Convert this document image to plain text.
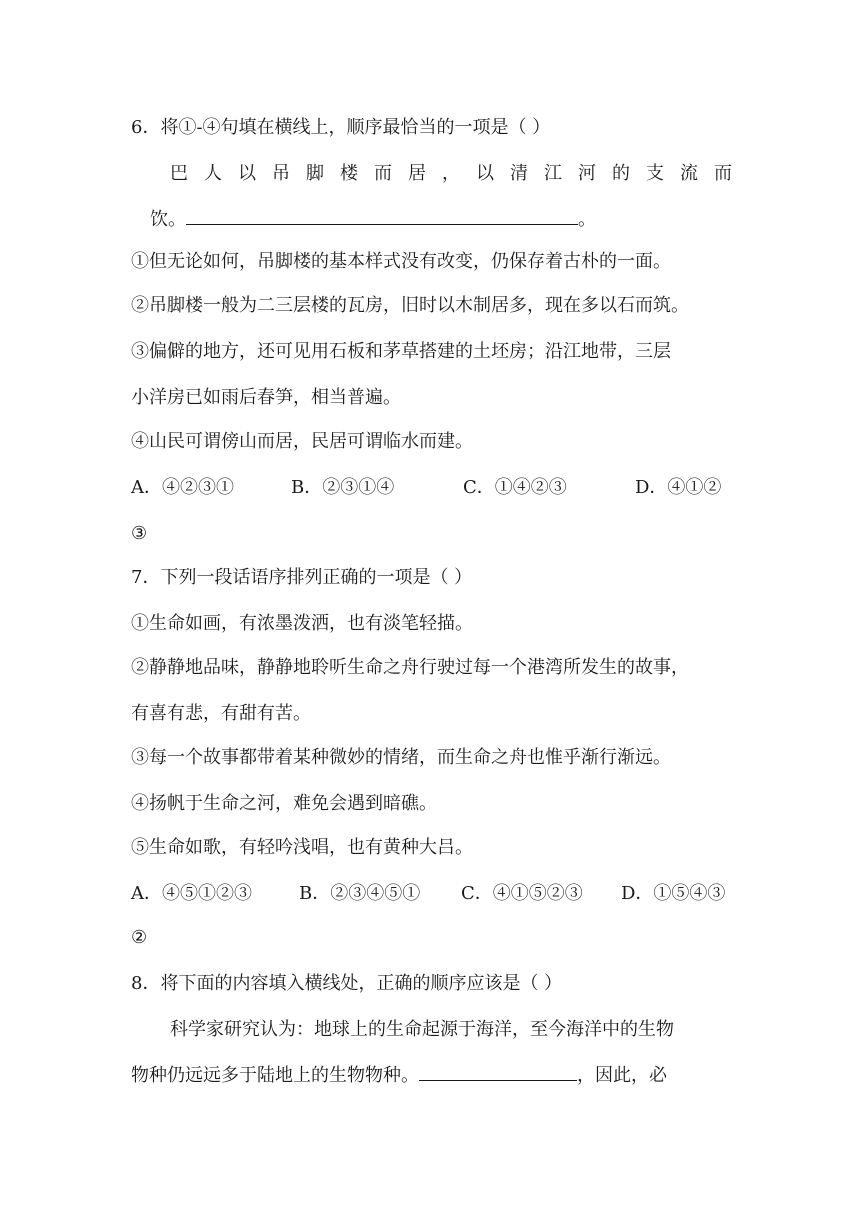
6．将①-④句填在横线上，顺序最恰当的一项是（ ）
巴 人 以 吊 脚 楼 而 居 ， 以 清 江 河 的 支 流 而
饮。	。
①但无论如何，吊脚楼的基本样式没有改变，仍保存着古朴的一面。
②吊脚楼一般为二三层楼的瓦房，旧时以木制居多，现在多以石而筑。
③偏僻的地方，还可见用石板和茅草搭建的土坯房；沿江地带，三层
小洋房已如雨后春笋，相当普遍。
④山民可谓傍山而居，民居可谓临水而建。
A．④②③①	B．②③①④	C．①④②③	D．④①②
③
7．下列一段话语序排列正确的一项是（ ）
①生命如画，有浓墨泼洒，也有淡笔轻描。
②静静地品味，静静地聆听生命之舟行驶过每一个港湾所发生的故事，
有喜有悲，有甜有苦。
③每一个故事都带着某种微妙的情绪，而生命之舟也惟乎渐行渐远。
④扬帆于生命之河，难免会遇到暗礁。
⑤生命如歌，有轻吟浅唱，也有黄种大吕。
A．④⑤①②③	B．②③④⑤① C．④①⑤②③ D．①⑤④③
②
8．将下面的内容填入横线处，正确的顺序应该是（ ）
科学家研究认为：地球上的生命起源于海洋，至今海洋中的生物
物种仍远远多于陆地上的生物物种。	，因此，必
